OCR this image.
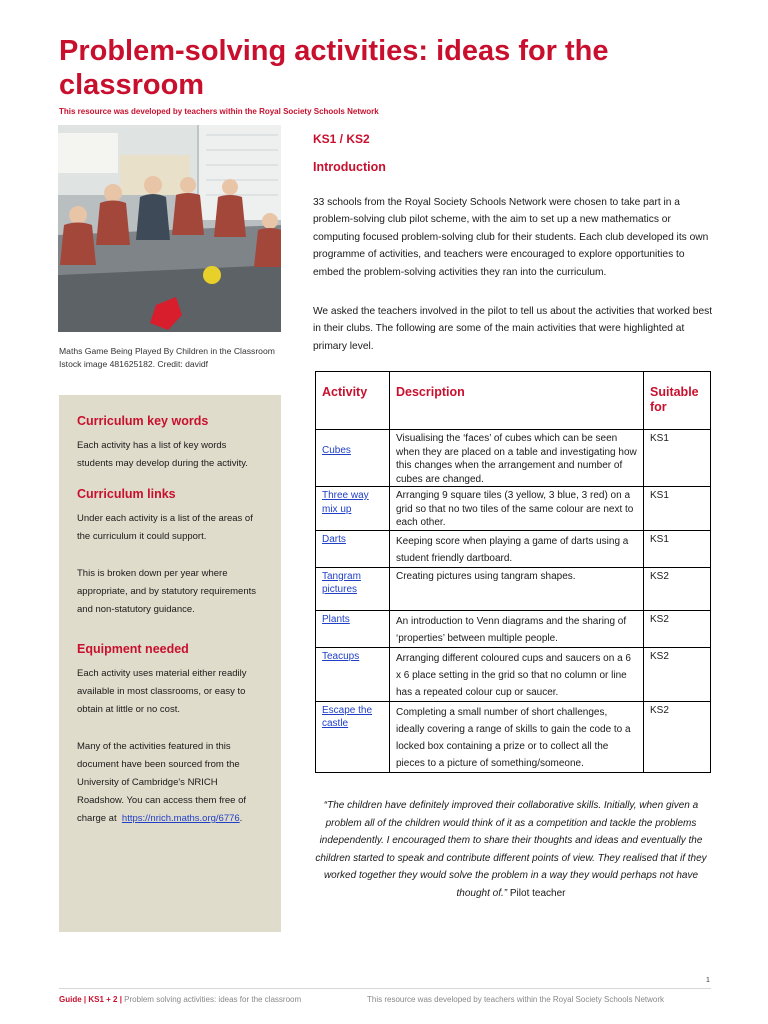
Problem-solving activities: ideas for the classroom
This resource was developed by teachers within the Royal Society Schools Network
Maths Game Being Played By Children in the Classroom
Istock image 481625182. Credit: davidf
Curriculum key words

Each activity has a list of key words students may develop during the activity.

Curriculum links

Under each activity is a list of the areas of the curriculum it could support.

This is broken down per year where appropriate, and by statutory requirements and non-statutory guidance.

Equipment needed

Each activity uses material either readily available in most classrooms, or easy to obtain at little or no cost.

Many of the activities featured in this document have been sourced from the University of Cambridge's NRICH Roadshow. You can access them free of charge at https://nrich.maths.org/6776.

KS1 / KS2
Introduction

33 schools from the Royal Society Schools Network were chosen to take part in a problem-solving club pilot scheme, with the aim to set up a new mathematics or computing focused problem-solving club for their students. Each club developed its own programme of activities, and teachers were encouraged to explore opportunities to embed the problem-solving activities they ran into the curriculum.

We asked the teachers involved in the pilot to tell us about the activities that worked best in their clubs. The following are some of the main activities that were highlighted at primary level.

Activity	Description	Suitable for
Cubes	Visualising the ‘faces’ of cubes which can be seen when they are placed on a table and investigating how this changes when the arrangement and number of cubes are changed.	KS1
Three way mix up	Arranging 9 square tiles (3 yellow, 3 blue, 3 red) on a grid so that no two tiles of the same colour are next to each other.	KS1
Darts	Keeping score when playing a game of darts using a student friendly dartboard.	KS1
Tangram pictures	Creating pictures using tangram shapes.	KS2
Plants	An introduction to Venn diagrams and the sharing of ‘properties’ between multiple people.	KS2
Teacups	Arranging different coloured cups and saucers on a 6 x 6 place setting in the grid so that no column or line has a repeated colour cup or saucer.	KS2
Escape the castle	Completing a small number of short challenges, ideally covering a range of skills to gain the code to a locked box containing a prize or to collect all the pieces to a picture of something/someone.	KS2

“The children have definitely improved their collaborative skills. Initially, when given a problem all of the children would think of it as a competition and tackle the problems independently. I encouraged them to share their thoughts and ideas and eventually the children started to speak and contribute different points of view. They realised that if they worked together they would solve the problem in a way they would perhaps not have thought of.” Pilot teacher

1
Guide | KS1 + 2 | Problem solving activities: ideas for the classroom	This resource was developed by teachers within the Royal Society Schools Network
